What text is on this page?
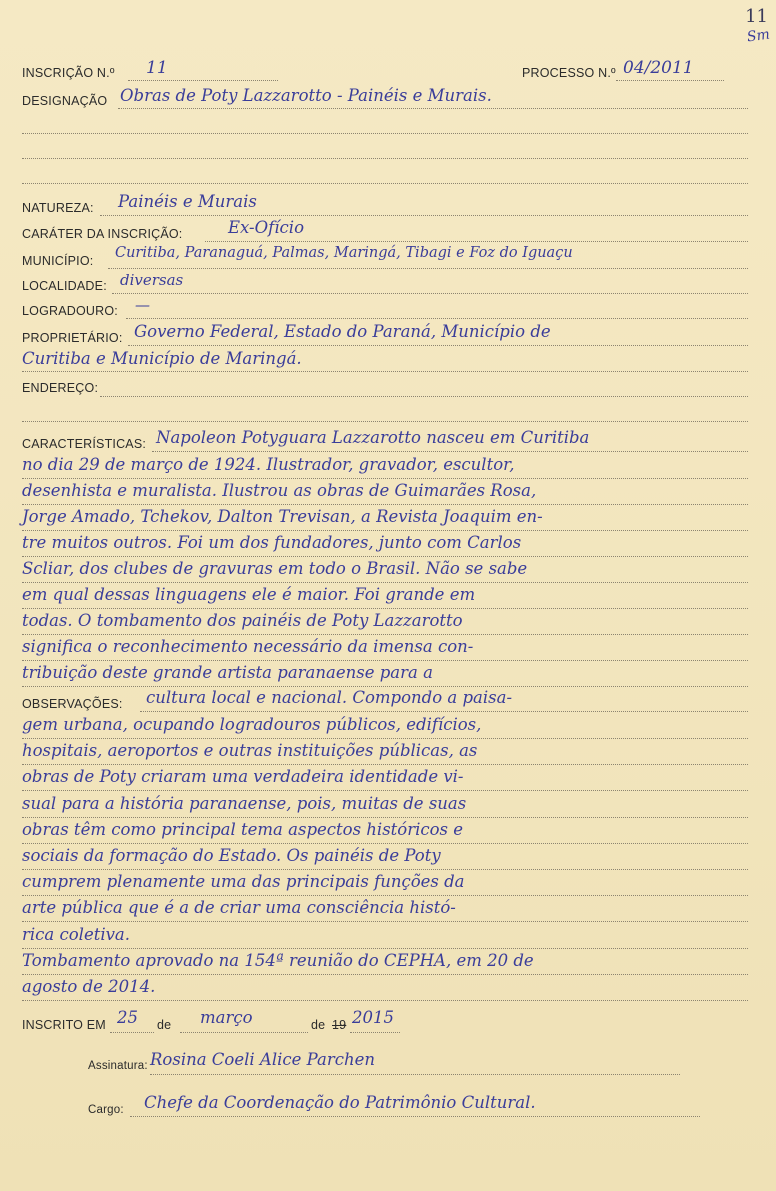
11
Sm
INSCRIÇÃO N.º 11	PROCESSO N.º 04/2011
DESIGNAÇÃO Obras de Poty Lazzarotto - Painéis e Murais.
NATUREZA: Painéis e Murais
CARÁTER DA INSCRIÇÃO:	Ex-Ofício
MUNICÍPIO: Curitiba, Paranaguá, Palmas, Maringá, Tibagi e Foz do Iguaçu
LOCALIDADE: diversas
LOGRADOURO: —
PROPRIETÁRIO: Governo Federal, Estado do Paraná, Município de
Curitiba e Município de Maringá.
ENDEREÇO:
CARACTERÍSTICAS: Napoleon Potyguara Lazzarotto nasceu em Curitiba
no dia 29 de março de 1924. Ilustrador, gravador, escultor,
desenhista e muralista. Ilustrou as obras de Guimarães Rosa,
Jorge Amado, Tchekov, Dalton Trevisan, a Revista Joaquim en-
tre muitos outros. Foi um dos fundadores, junto com Carlos
Scliar, dos clubes de gravuras em todo o Brasil. Não se sabe
em qual dessas linguagens ele é maior. Foi grande em
todas. O tombamento dos painéis de Poty Lazzarotto
significa o reconhecimento necessário da imensa con-
tribuição deste grande artista paranaense para a
OBSERVAÇÕES: cultura local e nacional. Compondo a paisa-
gem urbana, ocupando logradouros públicos, edifícios,
hospitais, aeroportos e outras instituições públicas, as
obras de Poty criaram uma verdadeira identidade vi-
sual para a história paranaense, pois, muitas de suas
obras têm como principal tema aspectos históricos e
sociais da formação do Estado. Os painéis de Poty
cumprem plenamente uma das principais funções da
arte pública que é a de criar uma consciência histó-
rica coletiva.
Tombamento aprovado na 154ª reunião do CEPHA, em 20 de
agosto de 2014.
INSCRITO EM 25 de março	de 19 2015
Assinatura: Rosina Coeli Alice Parchen
Cargo: Chefe da Coordenação do Patrimônio Cultural.
